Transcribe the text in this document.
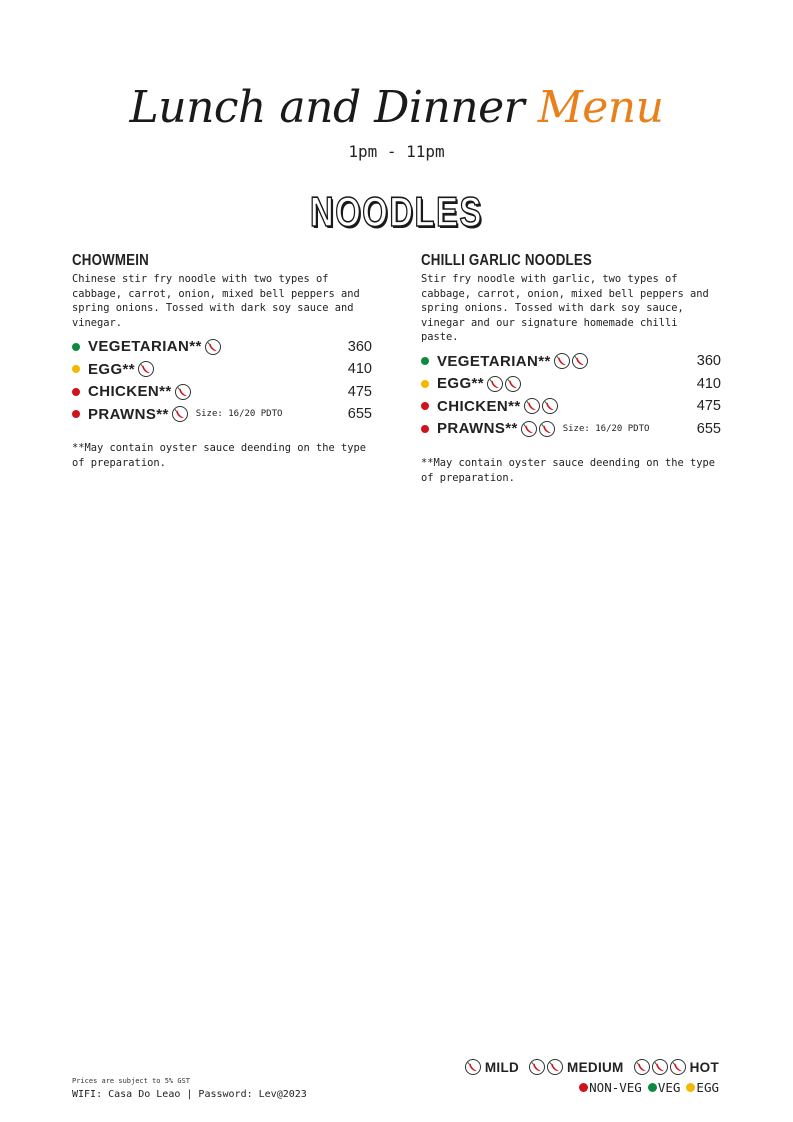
Lunch and Dinner Menu
1pm - 11pm
NOODLES
CHOWMEIN
Chinese stir fry noodle with two types of cabbage, carrot, onion, mixed bell peppers and spring onions. Tossed with dark soy sauce and vinegar.
VEGETARIAN**	360
EGG**	410
CHICKEN**	475
PRAWNS**	Size: 16/20 PDTO	655
**May contain oyster sauce deending on the type of preparation.
CHILLI GARLIC NOODLES
Stir fry noodle with garlic, two types of cabbage, carrot, onion, mixed bell peppers and spring onions. Tossed with dark soy sauce, vinegar and our signature homemade chilli paste.
VEGETARIAN**	360
EGG**	410
CHICKEN**	475
PRAWNS**	Size: 16/20 PDTO	655
**May contain oyster sauce deending on the type of preparation.
MILD	MEDIUM	HOT
NON-VEG VEG EGG
Prices are subject to 5% GST
WIFI: Casa Do Leao | Password: Lev@2023
